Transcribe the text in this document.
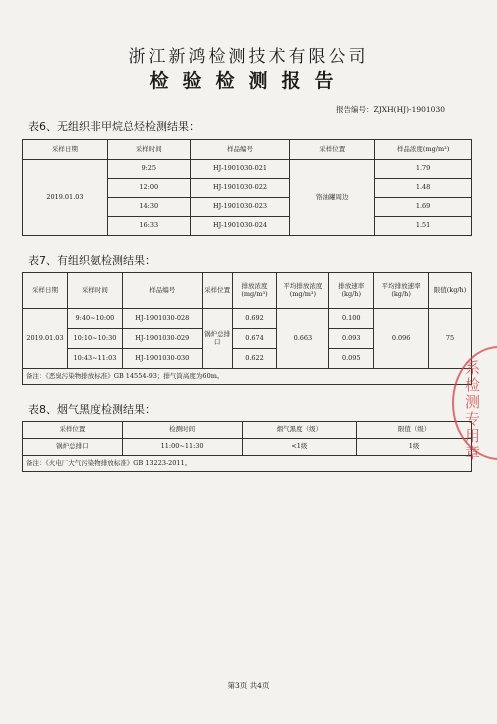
浙江新鸿检测技术有限公司
检验检测报告
报告编号：ZJXH(HJ)-1901030
表6、无组织非甲烷总烃检测结果：
采样日期	采样时间	样品编号	采样位置	样品浓度(mg/m³)
2019.01.03	9:25	HJ-1901030-021	铬油罐周边	1.79
	12:00	HJ-1901030-022		1.48
	14:30	HJ-1901030-023		1.69
	16:33	HJ-1901030-024		1.51
表7、有组织氨检测结果：
采样日期	采样时间	样品编号	采样位置	排放浓度(mg/m³)	平均排放浓度(mg/m³)	排放速率(kg/h)	平均排放速率(kg/h)	限值(kg/h)
2019.01.03	9:40~10:00	HJ-1901030-028	锅炉总排口	0.692	0.663	0.100	0.096	75
	10:10~10:30	HJ-1901030-029		0.674		0.093		
	10:43~11:03	HJ-1901030-030		0.622		0.095		
备注：《恶臭污染物排放标准》GB 14554-93；排气筒高度为60m。								
表8、烟气黑度检测结果：
采样位置	检测时间	烟气黑度（级）	限值（级）
锅炉总排口	11:00~11:30	<1级	1级
备注：《火电厂大气污染物排放标准》GB 13223-2011。			
第3页 共4页
系检测专用章
